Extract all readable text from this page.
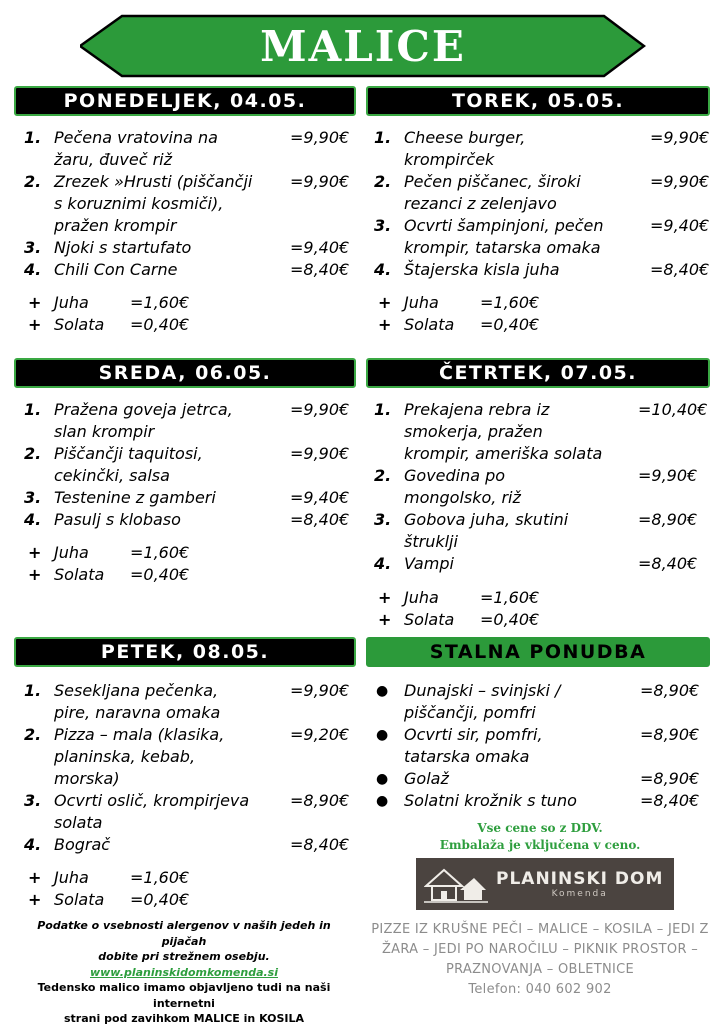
MALICE
PONEDELJEK, 04.05.	TOREK, 05.05.
SREDA, 06.05.	ČETRTEK, 07.05.
PETEK, 08.05.	STALNA PONUDBA
1. Pečena vratovina na
žaru, đuveč riž
=9,90€
2. Zrezek »Hrusti (piščančji
s koruznimi kosmiči),
pražen krompir
=9,90€
3. Njoki s startufato	=9,40€
4. Chili Con Carne	=8,40€
1. Cheese burger,
krompirček
=9,90€
2. Pečen piščanec, široki
rezanci z zelenjavo
=9,90€
3. Ocvrti šampinjoni, pečen
krompir, tatarska omaka
=9,40€
4. Štajerska kisla juha	=8,40€
1. Pražena goveja jetrca,
slan krompir
=9,90€
2. Piščančji taquitosi,
cekinčki, salsa
=9,90€
3. Testenine z gamberi	=9,40€
4. Pasulj s klobaso	=8,40€
1. Prekajena rebra iz
smokerja, pražen
krompir, ameriška solata
=10,40€
2. Govedina po
mongolsko, riž
=9,90€
3. Gobova juha, skutini
štruklji
=8,90€
4. Vampi	=8,40€
1. Sesekljana pečenka,
pire, naravna omaka
=9,90€
2. Pizza – mala (klasika,
planinska, kebab,
morska)
=9,20€
3. Ocvrti oslič, krompirjeva
solata
=8,90€
4. Bograč	=8,40€
● Dunajski – svinjski /
piščančji, pomfri
=8,90€
● Ocvrti sir, pomfri,
tatarska omaka
=8,90€
● Golaž	=8,90€
● Solatni krožnik s tuno	=8,40€
+ Juha	=1,60€
+ Solata =0,40€
+ Juha	=1,60€
+ Solata =0,40€
+ Juha	=1,60€
+ Solata =0,40€
+ Juha	=1,60€
+ Solata =0,40€
+ Juha	=1,60€
+ Solata =0,40€
Vse cene so z DDV.
Embalaža je vključena v ceno.
PLANINSKI DOM
Komenda
PIZZE IZ KRUŠNE PEČI – MALICE – KOSILA – JEDI Z
ŽARA – JEDI PO NAROČILU – PIKNIK PROSTOR –
PRAZNOVANJA – OBLETNICE
Telefon: 040 602 902
Podatke o vsebnosti alergenov v naših jedeh in pijačah
dobite pri strežnem osebju. www.planinskidomkomenda.si
Tedensko malico imamo objavljeno tudi na naši internetni
strani pod zavihkom MALICE in KOSILA
